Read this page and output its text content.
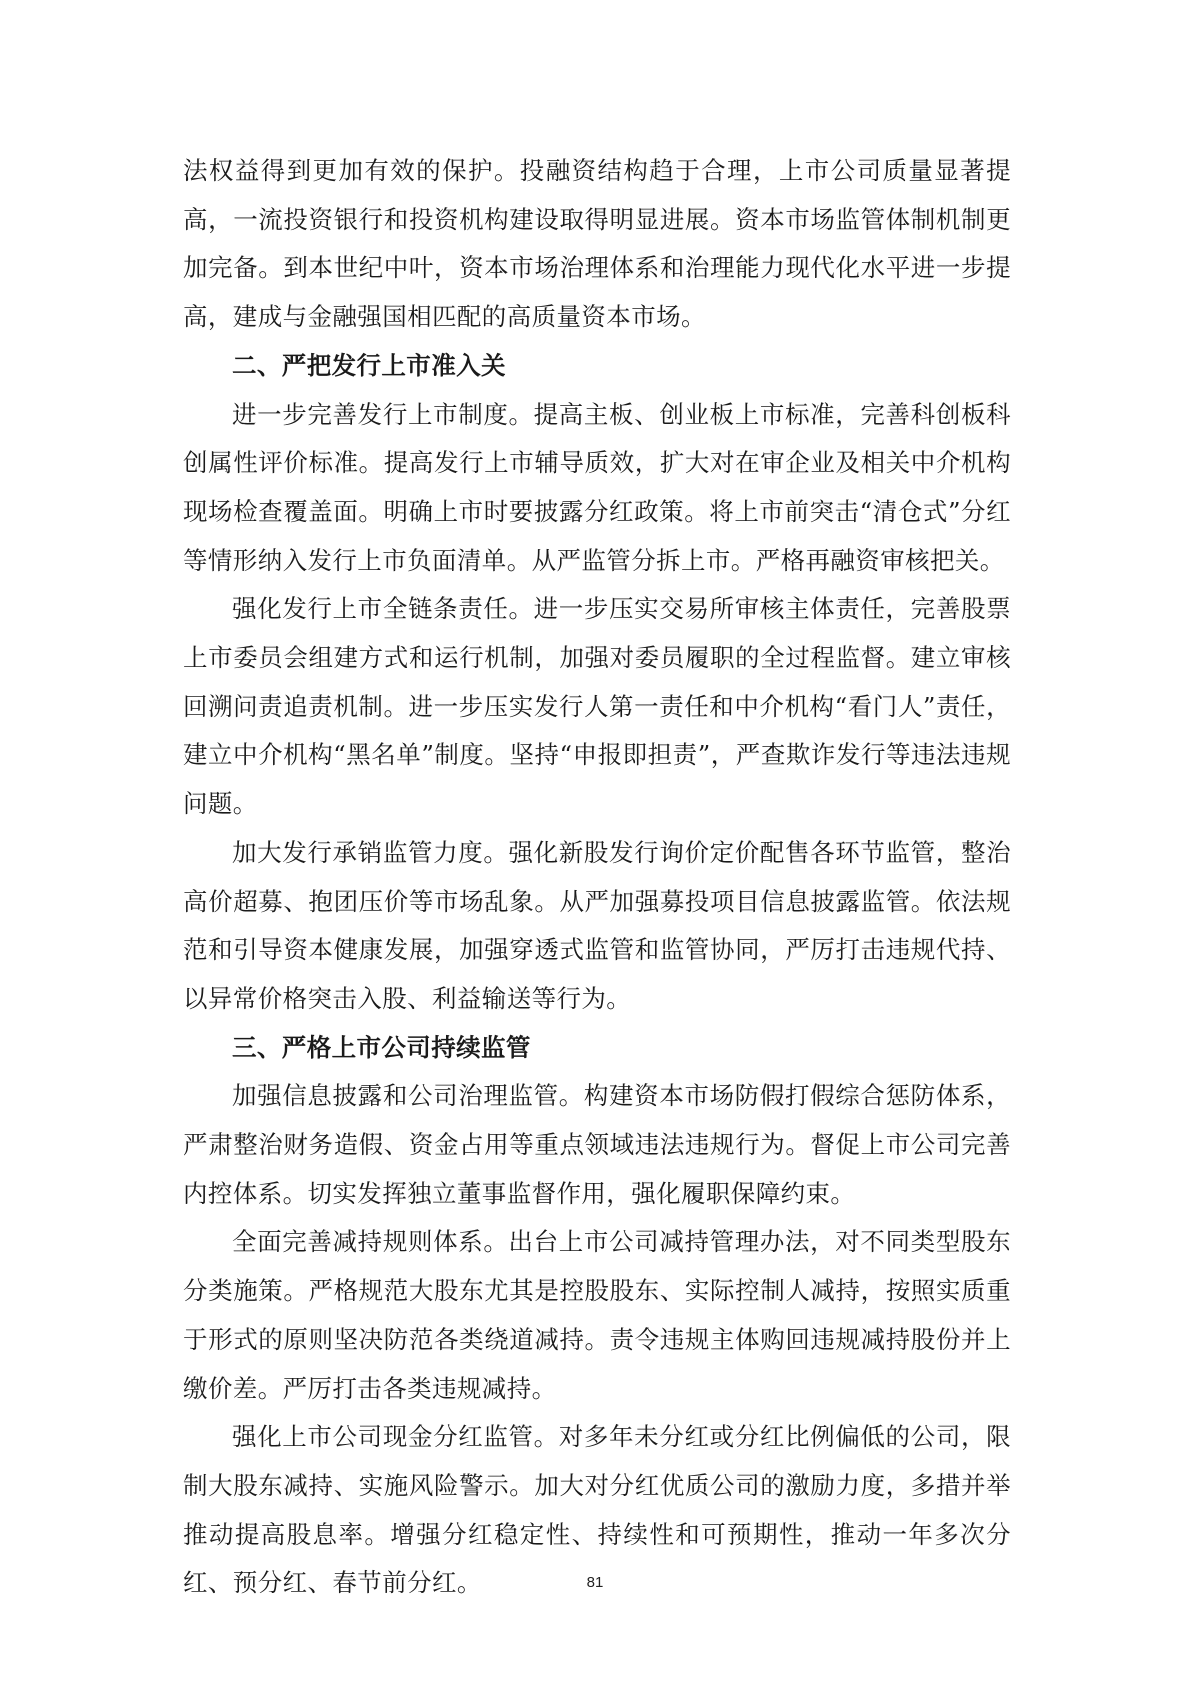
法权益得到更加有效的保护。投融资结构趋于合理，上市公司质量显著提高，一流投资银行和投资机构建设取得明显进展。资本市场监管体制机制更加完备。到本世纪中叶，资本市场治理体系和治理能力现代化水平进一步提高，建成与金融强国相匹配的高质量资本市场。

二、严把发行上市准入关

进一步完善发行上市制度。提高主板、创业板上市标准，完善科创板科创属性评价标准。提高发行上市辅导质效，扩大对在审企业及相关中介机构现场检查覆盖面。明确上市时要披露分红政策。将上市前突击“清仓式”分红等情形纳入发行上市负面清单。从严监管分拆上市。严格再融资审核把关。

强化发行上市全链条责任。进一步压实交易所审核主体责任，完善股票上市委员会组建方式和运行机制，加强对委员履职的全过程监督。建立审核回溯问责追责机制。进一步压实发行人第一责任和中介机构“看门人”责任，建立中介机构“黑名单”制度。坚持“申报即担责”，严查欺诈发行等违法违规问题。

加大发行承销监管力度。强化新股发行询价定价配售各环节监管，整治高价超募、抱团压价等市场乱象。从严加强募投项目信息披露监管。依法规范和引导资本健康发展，加强穿透式监管和监管协同，严厉打击违规代持、以异常价格突击入股、利益输送等行为。

三、严格上市公司持续监管

加强信息披露和公司治理监管。构建资本市场防假打假综合惩防体系，严肃整治财务造假、资金占用等重点领域违法违规行为。督促上市公司完善内控体系。切实发挥独立董事监督作用，强化履职保障约束。

全面完善减持规则体系。出台上市公司减持管理办法，对不同类型股东分类施策。严格规范大股东尤其是控股股东、实际控制人减持，按照实质重于形式的原则坚决防范各类绕道减持。责令违规主体购回违规减持股份并上缴价差。严厉打击各类违规减持。

强化上市公司现金分红监管。对多年未分红或分红比例偏低的公司，限制大股东减持、实施风险警示。加大对分红优质公司的激励力度，多措并举推动提高股息率。增强分红稳定性、持续性和可预期性，推动一年多次分红、预分红、春节前分红。	81
